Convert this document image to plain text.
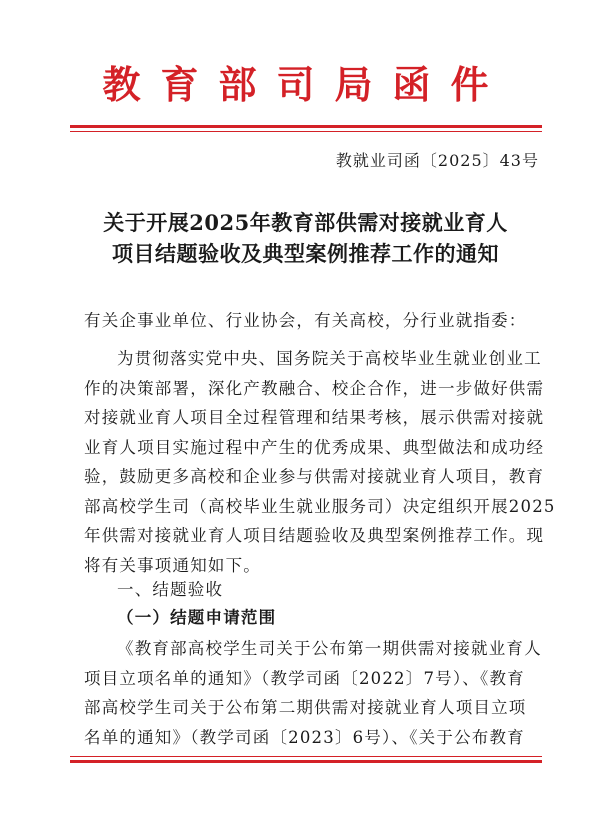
教育部司局函件
教就业司函〔2025〕43号
关于开展2025年教育部供需对接就业育人
项目结题验收及典型案例推荐工作的通知
有关企事业单位、行业协会，有关高校，分行业就指委：
为贯彻落实党中央、国务院关于高校毕业生就业创业工
作的决策部署，深化产教融合、校企合作，进一步做好供需
对接就业育人项目全过程管理和结果考核，展示供需对接就
业育人项目实施过程中产生的优秀成果、典型做法和成功经
验，鼓励更多高校和企业参与供需对接就业育人项目，教育
部高校学生司（高校毕业生就业服务司）决定组织开展2025
年供需对接就业育人项目结题验收及典型案例推荐工作。现
将有关事项通知如下。
一、结题验收
（一）结题申请范围
《教育部高校学生司关于公布第一期供需对接就业育人
项目立项名单的通知》（教学司函〔2022〕7号）、《教育
部高校学生司关于公布第二期供需对接就业育人项目立项
名单的通知》（教学司函〔2023〕6号）、《关于公布教育
